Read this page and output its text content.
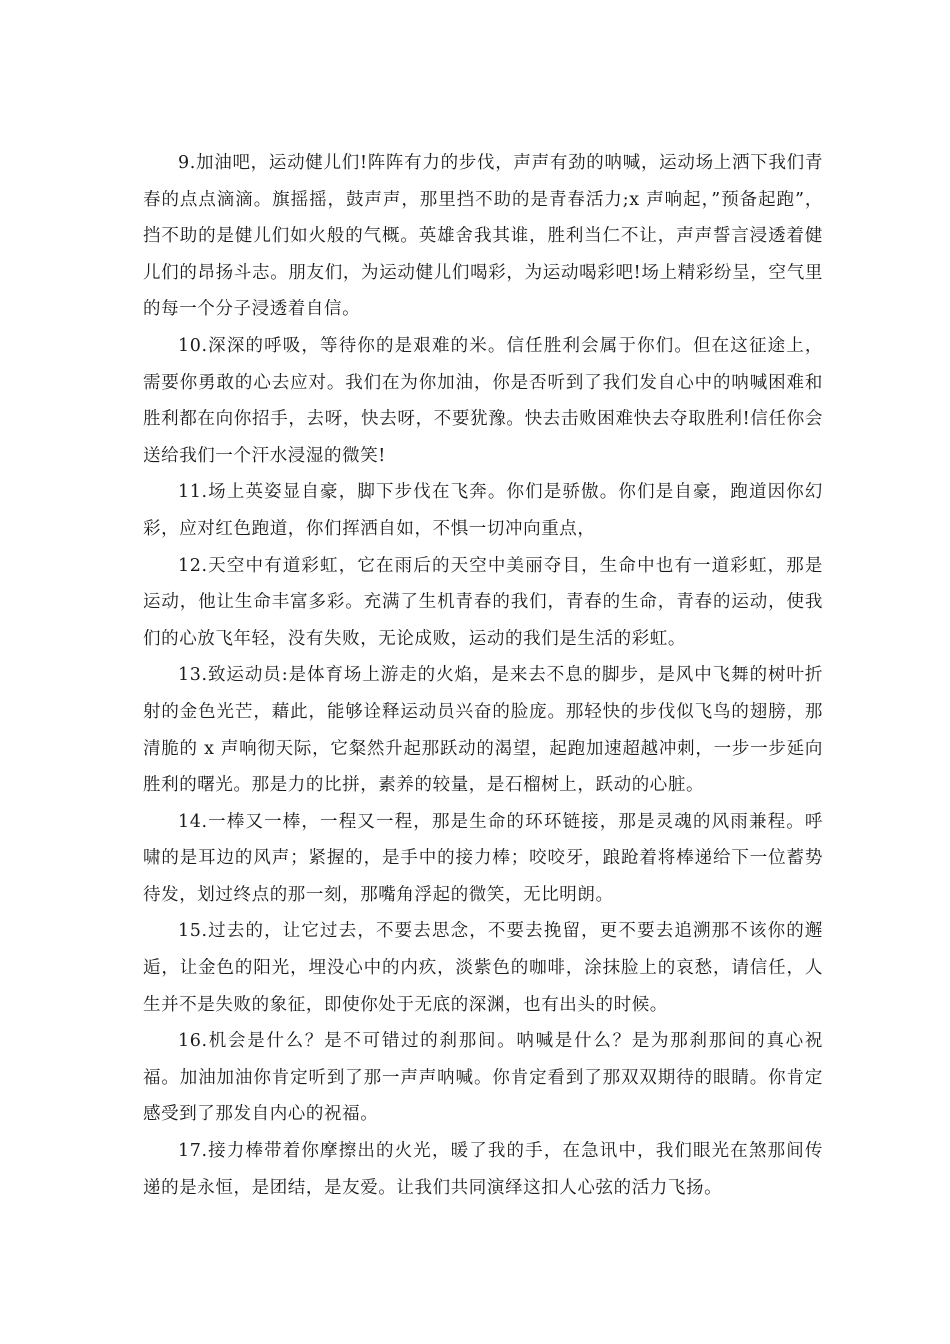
9.加油吧，运动健儿们!阵阵有力的步伐，声声有劲的呐喊，运动场上洒下我们青春的点点滴滴。旗摇摇，鼓声声，那里挡不助的是青春活力;x 声响起，”预备起跑”，挡不助的是健儿们如火般的气概。英雄舍我其谁，胜利当仁不让，声声誓言浸透着健儿们的昂扬斗志。朋友们，为运动健儿们喝彩，为运动喝彩吧!场上精彩纷呈，空气里的每一个分子浸透着自信。

10.深深的呼吸，等待你的是艰难的米。信任胜利会属于你们。但在这征途上，需要你勇敢的心去应对。我们在为你加油，你是否听到了我们发自心中的呐喊困难和胜利都在向你招手，去呀，快去呀，不要犹豫。快去击败困难快去夺取胜利!信任你会送给我们一个汗水浸湿的微笑!

11.场上英姿显自豪，脚下步伐在飞奔。你们是骄傲。你们是自豪，跑道因你幻彩，应对红色跑道，你们挥洒自如，不惧一切冲向重点，

12.天空中有道彩虹，它在雨后的天空中美丽夺目，生命中也有一道彩虹，那是运动，他让生命丰富多彩。充满了生机青春的我们，青春的生命，青春的运动，使我们的心放飞年轻，没有失败，无论成败，运动的我们是生活的彩虹。

13.致运动员:是体育场上游走的火焰，是来去不息的脚步，是风中飞舞的树叶折射的金色光芒，藉此，能够诠释运动员兴奋的脸庞。那轻快的步伐似飞鸟的翅膀，那清脆的 x 声响彻天际，它粲然升起那跃动的渴望，起跑加速超越冲刺，一步一步延向胜利的曙光。那是力的比拼，素养的较量，是石榴树上，跃动的心脏。

14.一棒又一棒，一程又一程，那是生命的环环链接，那是灵魂的风雨兼程。呼啸的是耳边的风声；紧握的，是手中的接力棒；咬咬牙，踉跄着将棒递给下一位蓄势待发，划过终点的那一刻，那嘴角浮起的微笑，无比明朗。

15.过去的，让它过去，不要去思念，不要去挽留，更不要去追溯那不该你的邂逅，让金色的阳光，埋没心中的内疚，淡紫色的咖啡，涂抹脸上的哀愁，请信任，人生并不是失败的象征，即使你处于无底的深渊，也有出头的时候。

16.机会是什么？是不可错过的刹那间。呐喊是什么？是为那刹那间的真心祝福。加油加油你肯定听到了那一声声呐喊。你肯定看到了那双双期待的眼睛。你肯定感受到了那发自内心的祝福。

17.接力棒带着你摩擦出的火光，暖了我的手，在急讯中，我们眼光在煞那间传递的是永恒，是团结，是友爱。让我们共同演绎这扣人心弦的活力飞扬。
